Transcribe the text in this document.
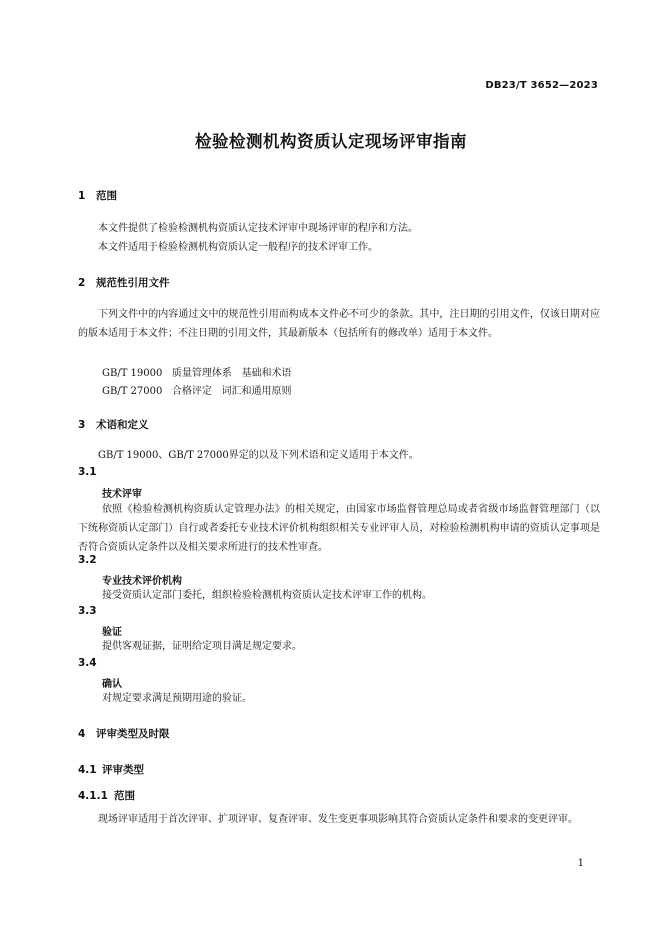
DB23/T 3652—2023
检验检测机构资质认定现场评审指南
1 范围

本文件提供了检验检测机构资质认定技术评审中现场评审的程序和方法。

本文件适用于检验检测机构资质认定一般程序的技术评审工作。

2 规范性引用文件

下列文件中的内容通过文中的规范性引用而构成本文件必不可少的条款。其中，注日期的引用文件，仅该日期对应的版本适用于本文件；不注日期的引用文件，其最新版本（包括所有的修改单）适用于本文件。

GB/T 19000   质量管理体系   基础和术语
GB/T 27000   合格评定   词汇和通用原则
3 术语和定义

GB/T 19000、GB/T 27000界定的以及下列术语和定义适用于本文件。

3.1
技术评审

依照《检验检测机构资质认定管理办法》的相关规定，由国家市场监督管理总局或者省级市场监督管理部门（以下统称资质认定部门）自行或者委托专业技术评价机构组织相关专业评审人员，对检验检测机构申请的资质认定事项是否符合资质认定条件以及相关要求所进行的技术性审查。

3.2
专业技术评价机构

接受资质认定部门委托，组织检验检测机构资质认定技术评审工作的机构。

3.3
验证

提供客观证据，证明给定项目满足规定要求。

3.4
确认

对规定要求满足预期用途的验证。

4 评审类型及时限
4.1 评审类型
4.1.1 范围

现场评审适用于首次评审、扩项评审、复查评审、发生变更事项影响其符合资质认定条件和要求的变更评审。

1
